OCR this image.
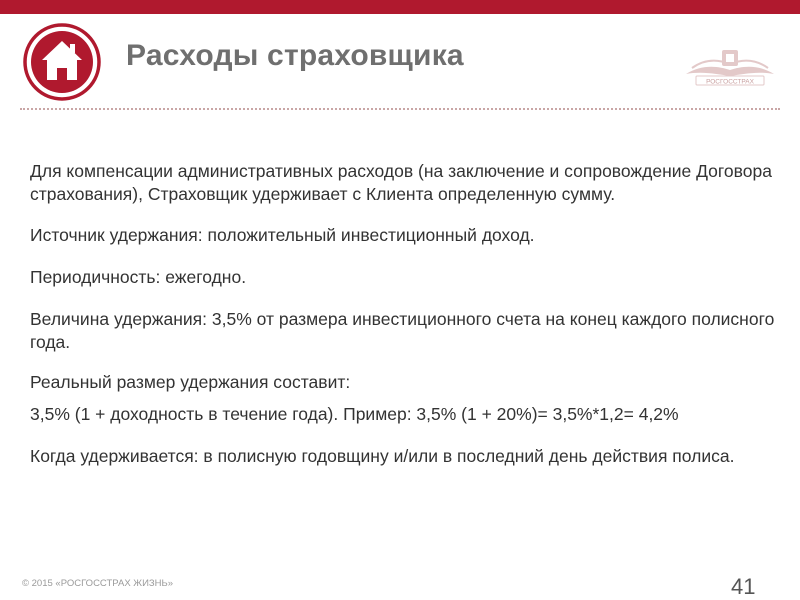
Расходы страховщика
РОСГОССТРАХ

Для компенсации административных расходов (на заключение и сопровождение Договора страхования), Страховщик удерживает с Клиента определенную сумму.

Источник удержания: положительный инвестиционный доход.

Периодичность: ежегодно.

Величина удержания: 3,5% от размера инвестиционного счета на конец каждого полисного года.

Реальный размер удержания составит:

3,5% (1 + доходность в течение года). Пример: 3,5% (1 + 20%)= 3,5%*1,2= 4,2%

Когда удерживается: в полисную годовщину и/или в последний день действия полиса.

© 2015 «РОСГОССТРАХ ЖИЗНЬ»	41
